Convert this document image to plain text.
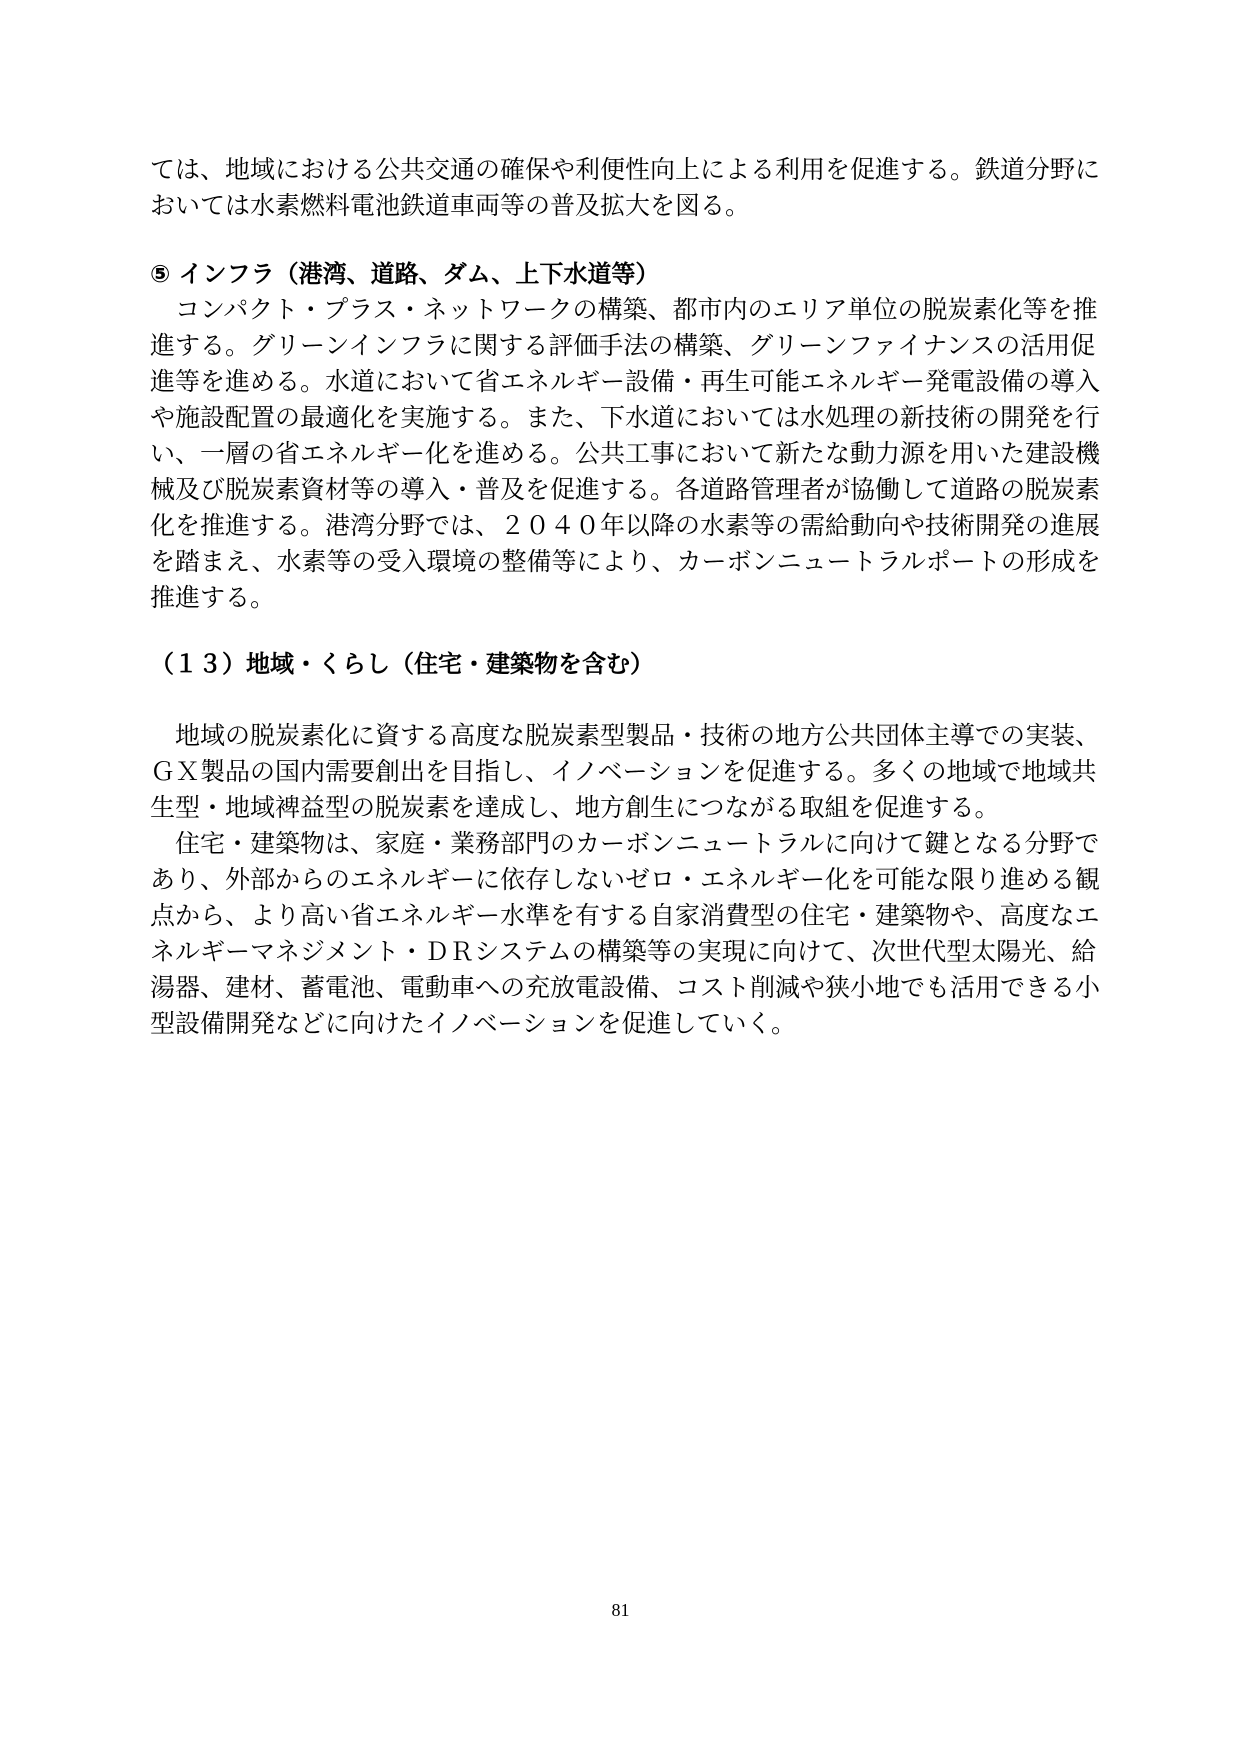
ては、地域における公共交通の確保や利便性向上による利用を促進する。鉄道分野に
おいては水素燃料電池鉄道車両等の普及拡大を図る。
⑤ インフラ（港湾、道路、ダム、上下水道等）
　コンパクト・プラス・ネットワークの構築、都市内のエリア単位の脱炭素化等を推
進する。グリーンインフラに関する評価手法の構築、グリーンファイナンスの活用促
進等を進める。水道において省エネルギー設備・再生可能エネルギー発電設備の導入
や施設配置の最適化を実施する。また、下水道においては水処理の新技術の開発を行
い、一層の省エネルギー化を進める。公共工事において新たな動力源を用いた建設機
械及び脱炭素資材等の導入・普及を促進する。各道路管理者が協働して道路の脱炭素
化を推進する。港湾分野では、２０４０年以降の水素等の需給動向や技術開発の進展
を踏まえ、水素等の受入環境の整備等により、カーボンニュートラルポートの形成を
推進する。
（１３）地域・くらし（住宅・建築物を含む）
　地域の脱炭素化に資する高度な脱炭素型製品・技術の地方公共団体主導での実装、
ＧＸ製品の国内需要創出を目指し、イノベーションを促進する。多くの地域で地域共
生型・地域裨益型の脱炭素を達成し、地方創生につながる取組を促進する。
　住宅・建築物は、家庭・業務部門のカーボンニュートラルに向けて鍵となる分野で
あり、外部からのエネルギーに依存しないゼロ・エネルギー化を可能な限り進める観
点から、より高い省エネルギー水準を有する自家消費型の住宅・建築物や、高度なエ
ネルギーマネジメント・ＤＲシステムの構築等の実現に向けて、次世代型太陽光、給
湯器、建材、蓄電池、電動車への充放電設備、コスト削減や狭小地でも活用できる小
型設備開発などに向けたイノベーションを促進していく。
81
